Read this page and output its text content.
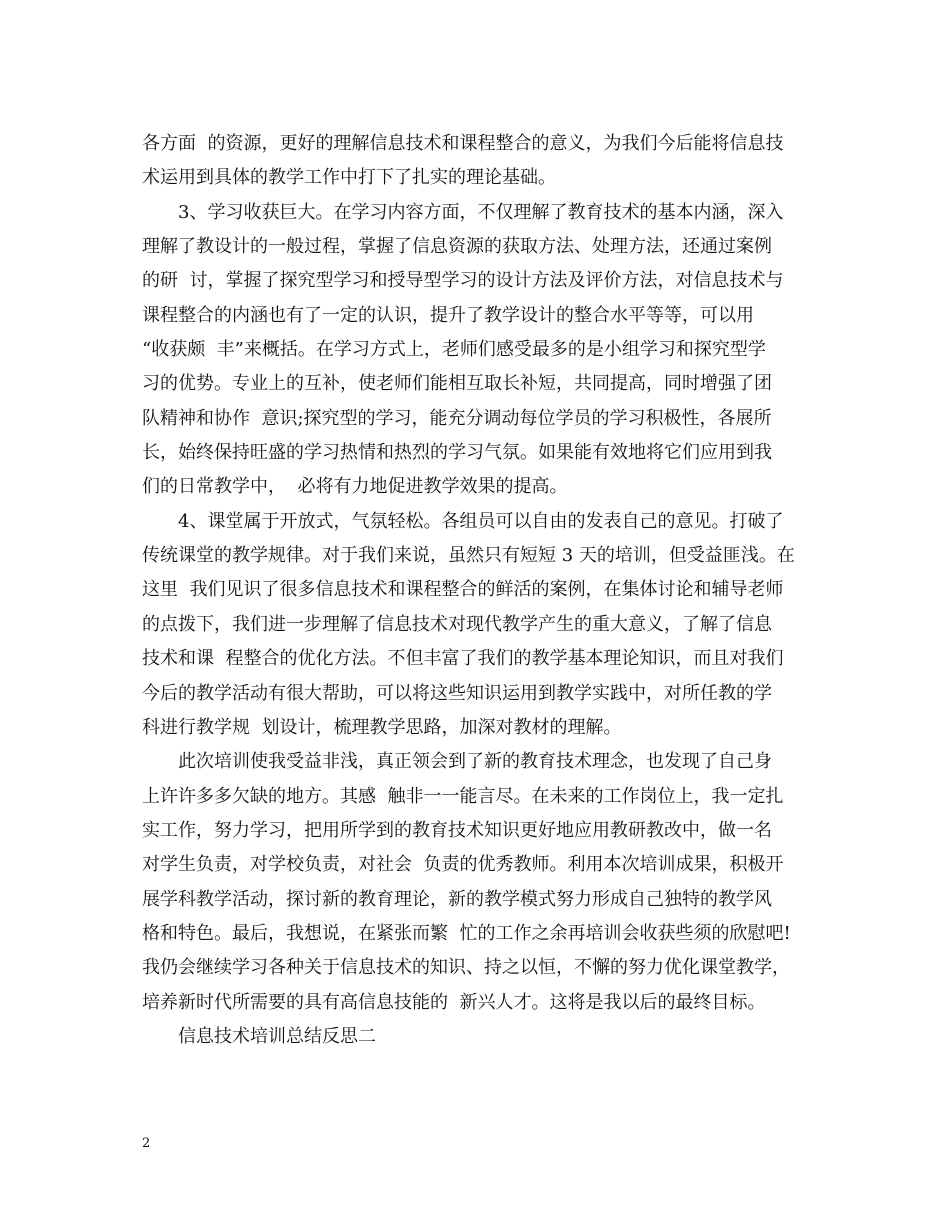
各方面  的资源，更好的理解信息技术和课程整合的意义，为我们今后能将信息技
术运用到具体的教学工作中打下了扎实的理论基础。
3、学习收获巨大。在学习内容方面，不仅理解了教育技术的基本内涵，深入
理解了教设计的一般过程，掌握了信息资源的获取方法、处理方法，还通过案例
的研  讨，掌握了探究型学习和授导型学习的设计方法及评价方法，对信息技术与
课程整合的内涵也有了一定的认识，提升了教学设计的整合水平等等，可以用
“收获颇  丰”来概括。在学习方式上，老师们感受最多的是小组学习和探究型学
习的优势。专业上的互补，使老师们能相互取长补短，共同提高，同时增强了团
队精神和协作  意识;探究型的学习，能充分调动每位学员的学习积极性，各展所
长，始终保持旺盛的学习热情和热烈的学习气氛。如果能有效地将它们应用到我
们的日常教学中，  必将有力地促进教学效果的提高。
4、课堂属于开放式，气氛轻松。各组员可以自由的发表自己的意见。打破了
传统课堂的教学规律。对于我们来说，虽然只有短短 3 天的培训，但受益匪浅。在
这里  我们见识了很多信息技术和课程整合的鲜活的案例，在集体讨论和辅导老师
的点拨下，我们进一步理解了信息技术对现代教学产生的重大意义，了解了信息
技术和课  程整合的优化方法。不但丰富了我们的教学基本理论知识，而且对我们
今后的教学活动有很大帮助，可以将这些知识运用到教学实践中，对所任教的学
科进行教学规  划设计，梳理教学思路，加深对教材的理解。
此次培训使我受益非浅，真正领会到了新的教育技术理念，也发现了自己身
上许许多多欠缺的地方。其感  触非一一能言尽。在未来的工作岗位上，我一定扎
实工作，努力学习，把用所学到的教育技术知识更好地应用教研教改中，做一名
对学生负责，对学校负责，对社会  负责的优秀教师。利用本次培训成果，积极开
展学科教学活动，探讨新的教育理论，新的教学模式努力形成自己独特的教学风
格和特色。最后，我想说，在紧张而繁  忙的工作之余再培训会收获些须的欣慰吧!
我仍会继续学习各种关于信息技术的知识、持之以恒，不懈的努力优化课堂教学，
培养新时代所需要的具有高信息技能的  新兴人才。这将是我以后的最终目标。
信息技术培训总结反思二
2
